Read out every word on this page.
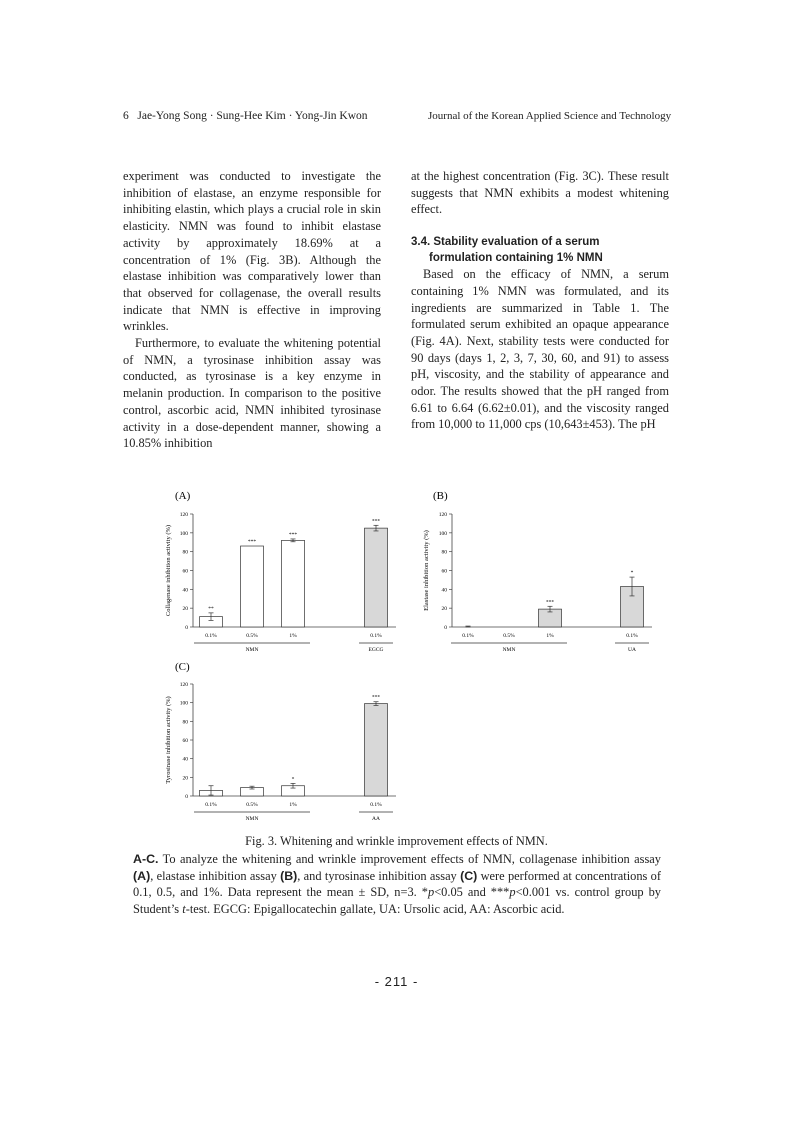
6   Jae-Yong Song · Sung-Hee Kim · Yong-Jin Kwon	Journal of the Korean Applied Science and Technology

experiment was conducted to investigate the inhibition of elastase, an enzyme responsible for inhibiting elastin, which plays a crucial role in skin elasticity. NMN was found to inhibit elastase activity by approximately 18.69% at a concentration of 1% (Fig. 3B). Although the elastase inhibition was comparatively lower than that observed for collagenase, the overall results indicate that NMN is effective in improving wrinkles.

Furthermore, to evaluate the whitening potential of NMN, a tyrosinase inhibition assay was conducted, as tyrosinase is a key enzyme in melanin production. In comparison to the positive control, ascorbic acid, NMN inhibited tyrosinase activity in a dose-dependent manner, showing a 10.85% inhibition

at the highest concentration (Fig. 3C). These result suggests that NMN exhibits a modest whitening effect.

3.4. Stability evaluation of a serum
formulation containing 1% NMN

Based on the efficacy of NMN, a serum containing 1% NMN was formulated, and its ingredients are summarized in Table 1. The formulated serum exhibited an opaque appearance (Fig. 4A). Next, stability tests were conducted for 90 days (days 1, 2, 3, 7, 30, 60, and 91) to assess pH, viscosity, and the stability of appearance and odor. The results showed that the pH ranged from 6.61 to 6.64 (6.62±0.01), and the viscosity ranged from 10,000 to 11,000 cps (10,643±453). The pH

(A)
0
20
40
60
80
100
120
Collagenase inhibition activity (%)	**
0.1%
***
0.5%
***
1%
***
0.1%
NMN	EGCG
(B)
0
20
40
60
80
100
120
Elastase inhibition activity (%)
0.1%	0.5%
***
1%
*
0.1%
NMN	UA
(C)
0
20
40
60
80
100
120
Tyrosinase inhibition activity (%)
0.1%	0.5%
*
1%
***
0.1%
NMN	AA
Fig. 3. Whitening and wrinkle improvement effects of NMN.
A-C. To analyze the whitening and wrinkle improvement effects of NMN, collagenase inhibition assay (A), elastase inhibition assay (B), and tyrosinase inhibition assay (C) were performed at concentrations of 0.1, 0.5, and 1%. Data represent the mean ± SD, n=3. *p<0.05 and ***p<0.001 vs. control group by Student’s t-test. EGCG: Epigallocatechin gallate, UA: Ursolic acid, AA: Ascorbic acid.
- 211 -
